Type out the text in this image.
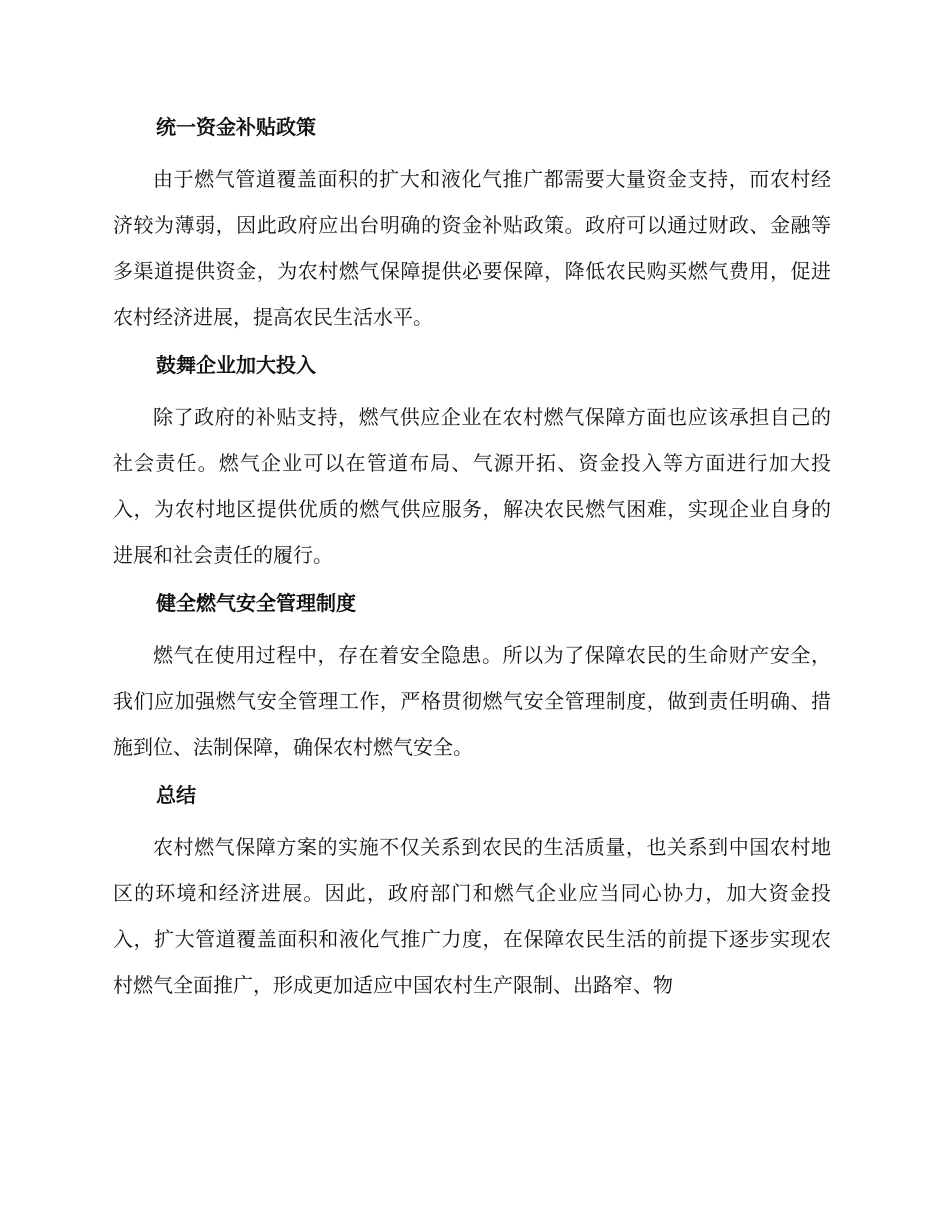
统一资金补贴政策

由于燃气管道覆盖面积的扩大和液化气推广都需要大量资金支持，而农村经济较为薄弱，因此政府应出台明确的资金补贴政策。政府可以通过财政、金融等多渠道提供资金，为农村燃气保障提供必要保障，降低农民购买燃气费用，促进农村经济进展，提高农民生活水平。

鼓舞企业加大投入

除了政府的补贴支持，燃气供应企业在农村燃气保障方面也应该承担自己的社会责任。燃气企业可以在管道布局、气源开拓、资金投入等方面进行加大投入，为农村地区提供优质的燃气供应服务，解决农民燃气困难，实现企业自身的进展和社会责任的履行。

健全燃气安全管理制度

燃气在使用过程中，存在着安全隐患。所以为了保障农民的生命财产安全，我们应加强燃气安全管理工作，严格贯彻燃气安全管理制度，做到责任明确、措施到位、法制保障，确保农村燃气安全。

总结

农村燃气保障方案的实施不仅关系到农民的生活质量，也关系到中国农村地区的环境和经济进展。因此，政府部门和燃气企业应当同心协力，加大资金投入，扩大管道覆盖面积和液化气推广力度，在保障农民生活的前提下逐步实现农村燃气全面推广，形成更加适应中国农村生产限制、出路窄、物
